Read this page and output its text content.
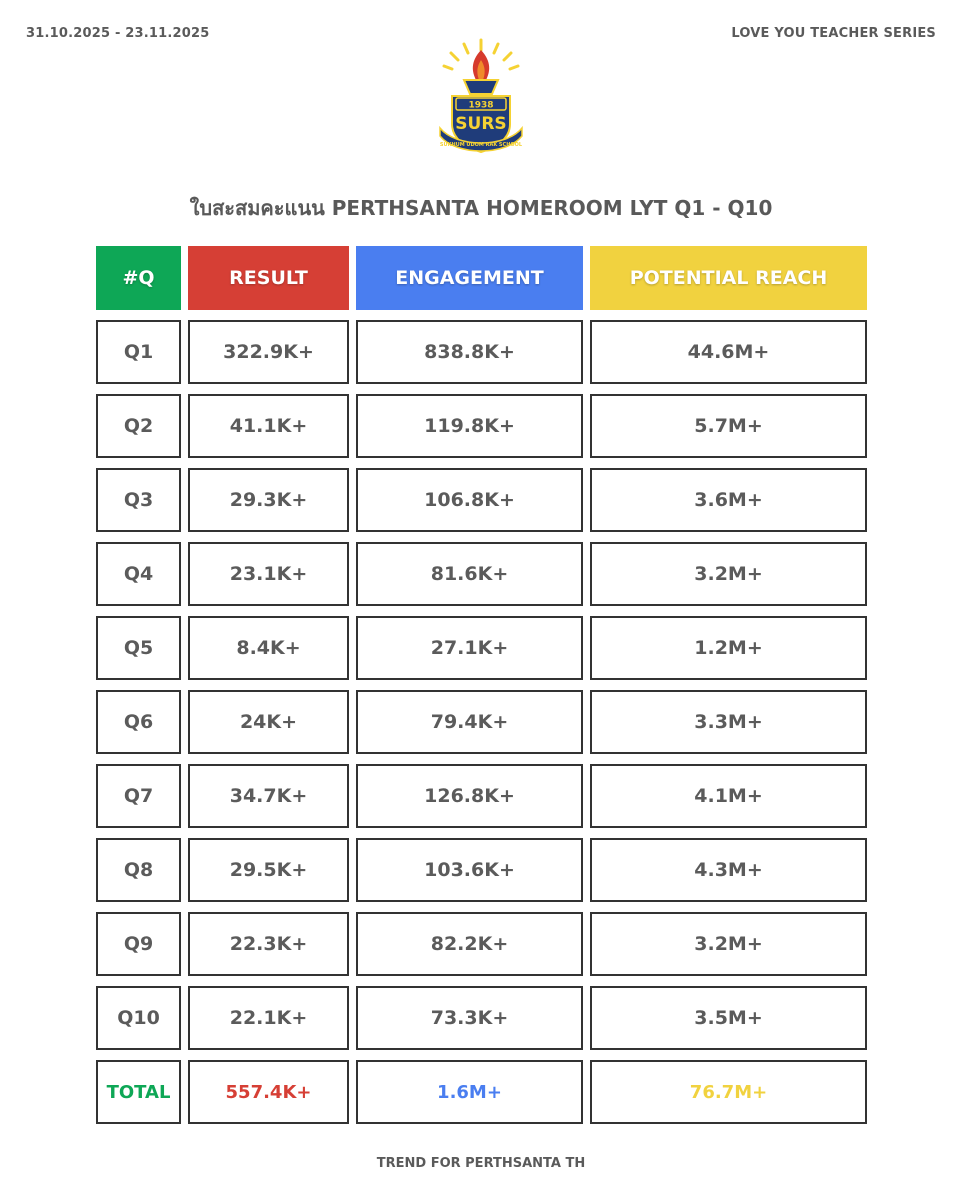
31.10.2025 - 23.11.2025	LOVE YOU TEACHER SERIES
1938
SURS
SUKHUM UDOM RAK SCHOOL
ใบสะสมคะแนน PERTHSANTA HOMEROOM LYT Q1 - Q10
#Q	RESULT	ENGAGEMENT	POTENTIAL REACH
Q1	322.9K+	838.8K+	44.6M+
Q2	41.1K+	119.8K+	5.7M+
Q3	29.3K+	106.8K+	3.6M+
Q4	23.1K+	81.6K+	3.2M+
Q5	8.4K+	27.1K+	1.2M+
Q6	24K+	79.4K+	3.3M+
Q7	34.7K+	126.8K+	4.1M+
Q8	29.5K+	103.6K+	4.3M+
Q9	22.3K+	82.2K+	3.2M+
Q10	22.1K+	73.3K+	3.5M+
TOTAL	557.4K+	1.6M+	76.7M+
TREND FOR PERTHSANTA TH
